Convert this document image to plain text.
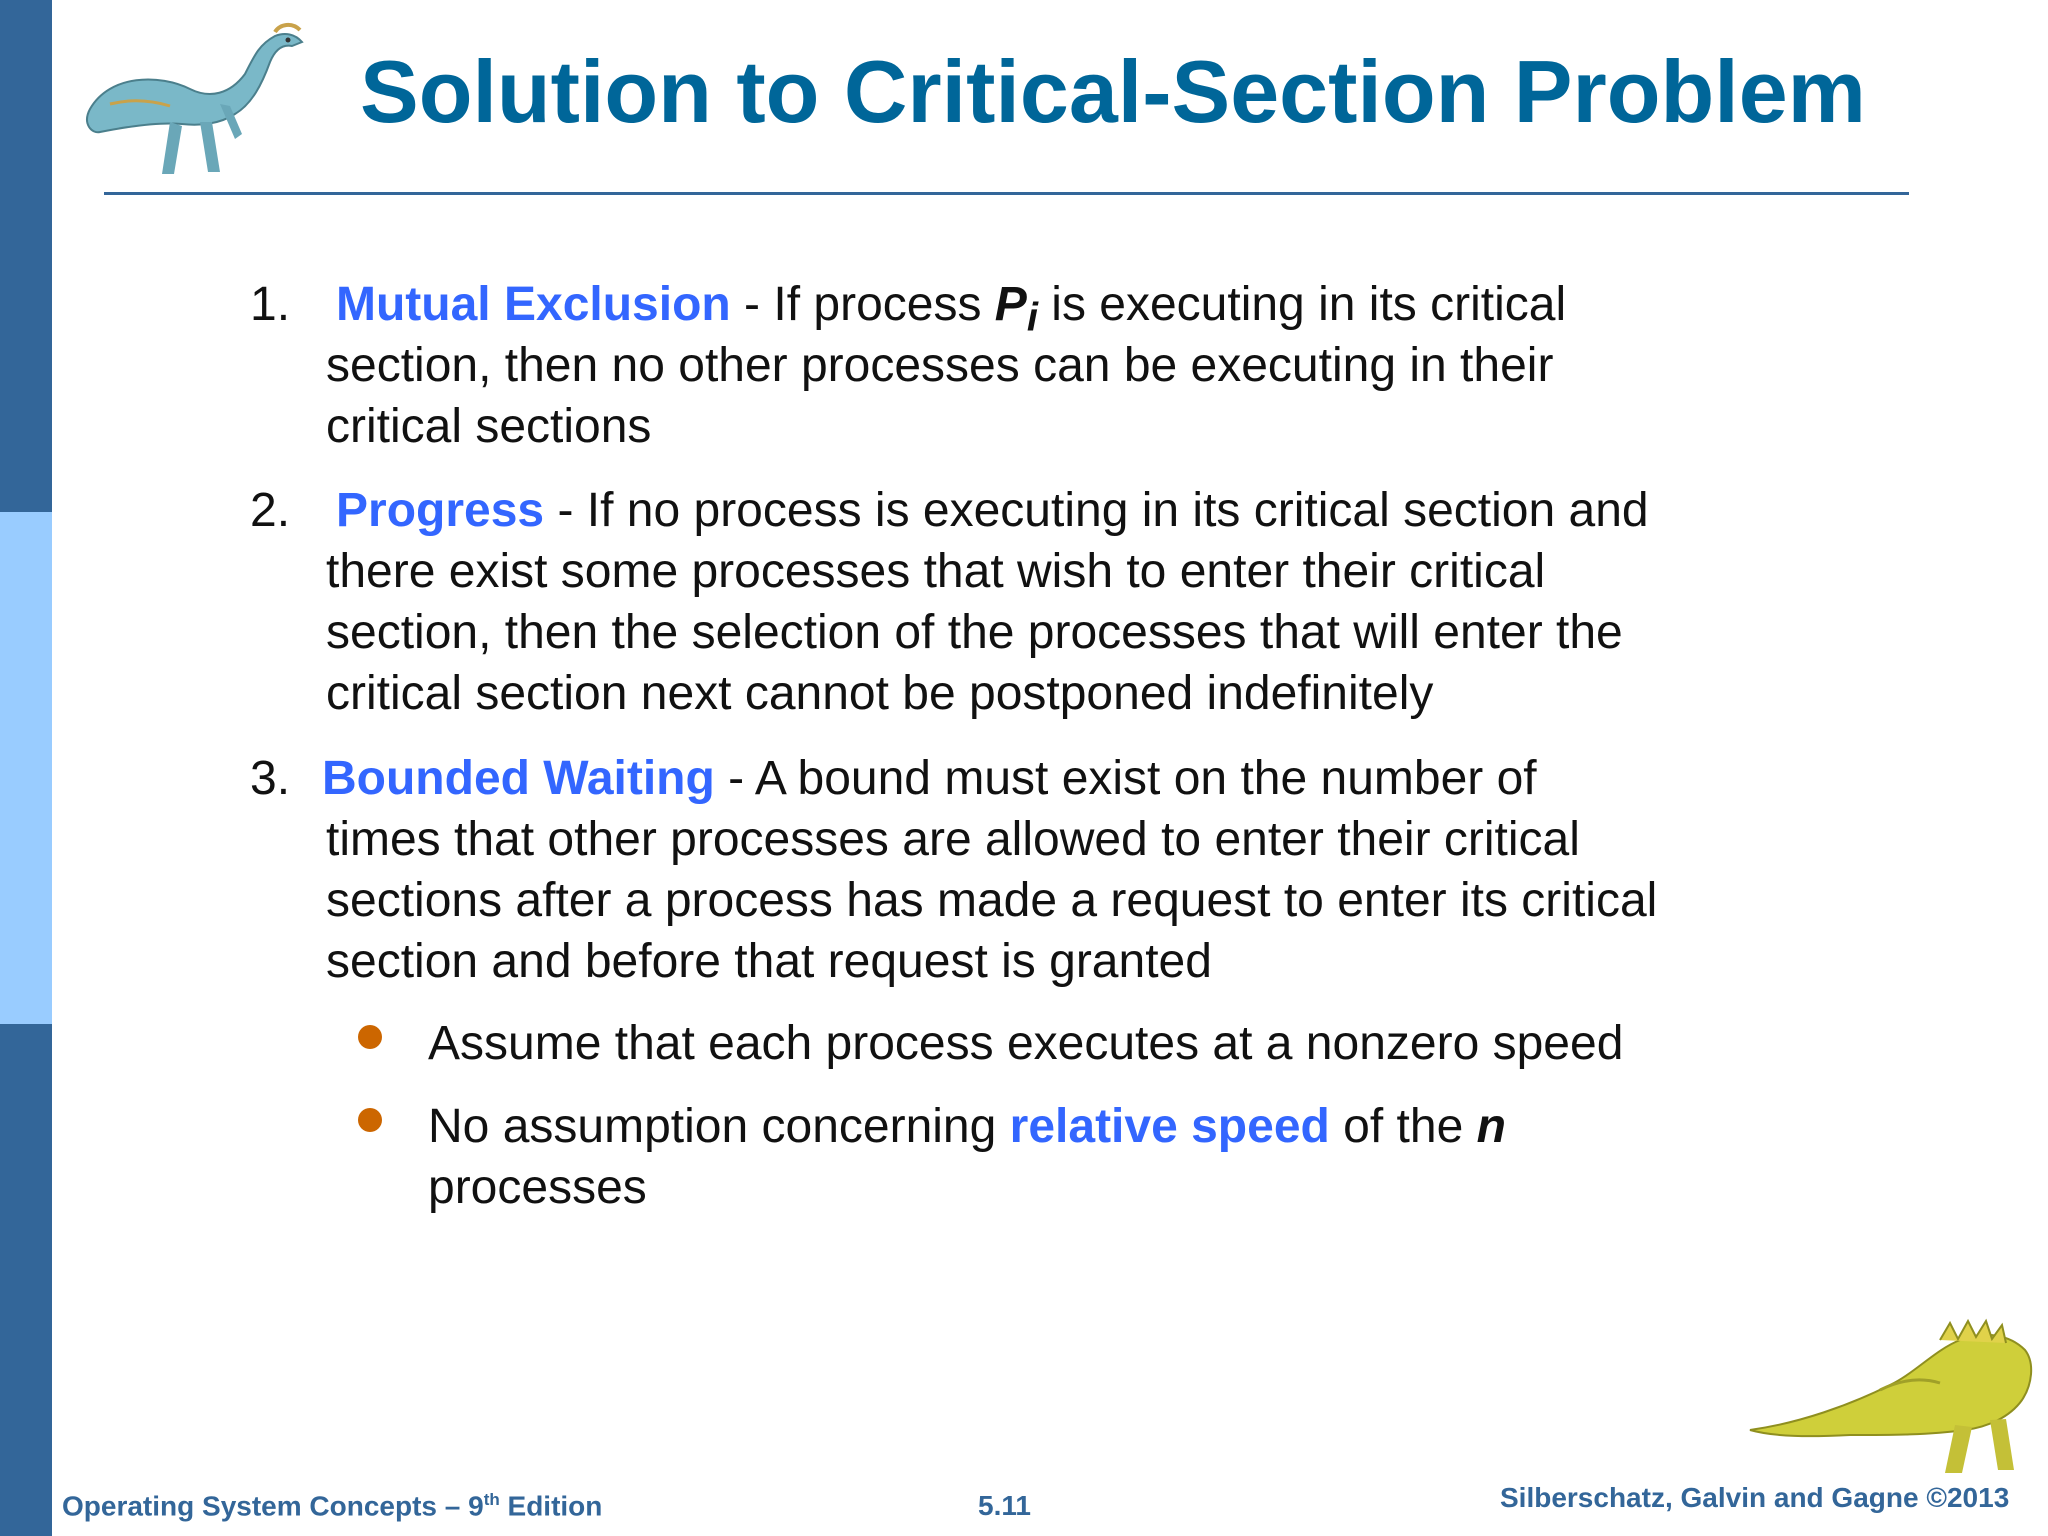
Solution to Critical-Section Problem
1. Mutual Exclusion - If process $P_i$ is executing in its critical
section, then no other processes can be executing in their
critical sections
2. Progress - If no process is executing in its critical section and
there exist some processes that wish to enter their critical
section, then the selection of the processes that will enter the
critical section next cannot be postponed indefinitely
3. Bounded Waiting - A bound must exist on the number of
times that other processes are allowed to enter their critical
sections after a process has made a request to enter its critical
section and before that request is granted
Assume that each process executes at a nonzero speed
No assumption concerning relative speed of the n
processes
Operating System Concepts – 9th Edition	5.11	Silberschatz, Galvin and Gagne ©2013
